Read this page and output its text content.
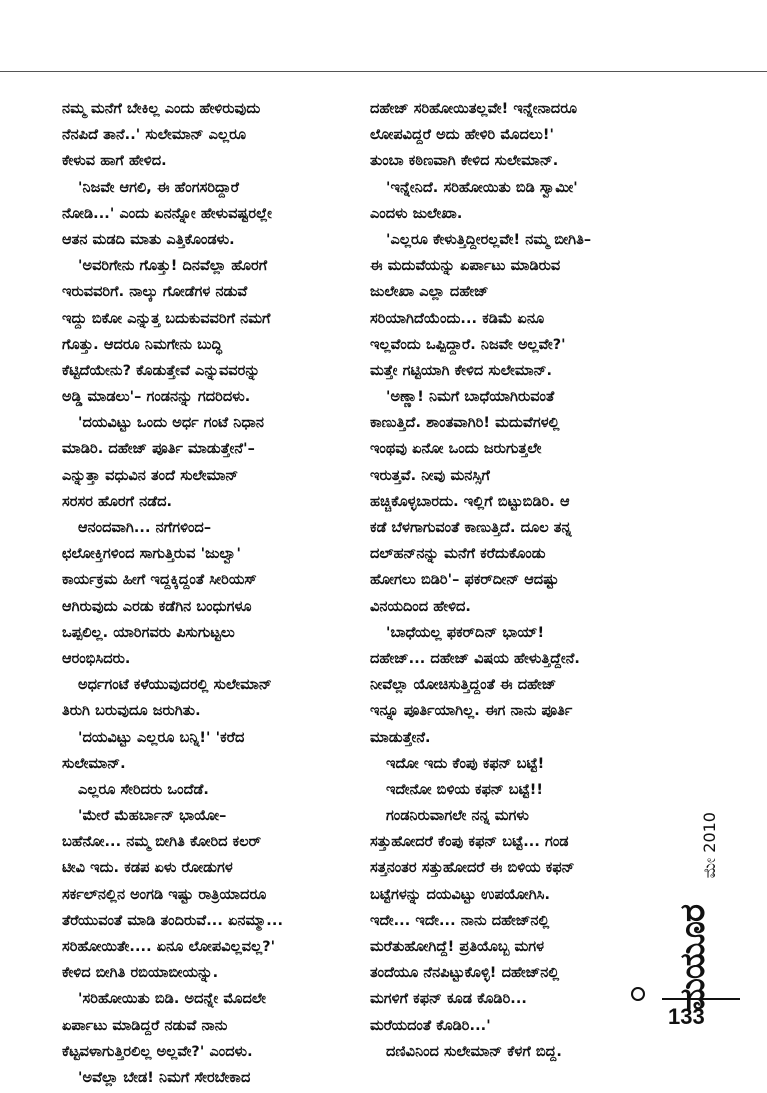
ನಮ್ಮ ಮನೆಗೆ ಬೇಕಿಲ್ಲ ಎಂದು ಹೇಳಿರುವುದು
ನೆನಪಿದೆ ತಾನೆ..' ಸುಲೇಮಾನ್ ಎಲ್ಲರೂ
ಕೇಳುವ ಹಾಗೆ ಹೇಳಿದ.
'ನಿಜವೇ ಆಗಲಿ, ಈ ಹೆಂಗಸರಿದ್ದಾರೆ
ನೋಡಿ...' ಎಂದು ಏನನ್ನೋ ಹೇಳುವಷ್ಟರಲ್ಲೇ
ಆತನ ಮಡದಿ ಮಾತು ಎತ್ತಿಕೊಂಡಳು.
'ಅವರಿಗೇನು ಗೊತ್ತು! ದಿನವೆಲ್ಲಾ ಹೊರಗೆ
ಇರುವವರಿಗೆ. ನಾಲ್ಕು ಗೋಡೆಗಳ ನಡುವೆ
ಇದ್ದು ಬಿಕೋ ಎನ್ನುತ್ತ ಬದುಕುವವರಿಗೆ ನಮಗೆ
ಗೊತ್ತು. ಆದರೂ ನಿಮಗೇನು ಬುದ್ಧಿ
ಕೆಟ್ಟಿದೆಯೇನು? ಕೊಡುತ್ತೇವೆ ಎನ್ನುವವರನ್ನು
ಅಡ್ಡಿ ಮಾಡಲು'– ಗಂಡನನ್ನು ಗದರಿದಳು.
'ದಯವಿಟ್ಟು ಒಂದು ಅರ್ಧ ಗಂಟೆ ನಿಧಾನ
ಮಾಡಿರಿ. ದಹೇಜ್ ಪೂರ್ತಿ ಮಾಡುತ್ತೇನೆ'–
ಎನ್ನುತ್ತಾ ವಧುವಿನ ತಂದೆ ಸುಲೇಮಾನ್
ಸರಸರ ಹೊರಗೆ ನಡೆದ.
ಆನಂದವಾಗಿ... ನಗೆಗಳಿಂದ–
ಛಲೋಕ್ತಿಗಳಿಂದ ಸಾಗುತ್ತಿರುವ 'ಜುಲ್ವಾ'
ಕಾರ್ಯಕ್ರಮ ಹೀಗೆ ಇದ್ದಕ್ಕಿದ್ದಂತೆ ಸೀರಿಯಸ್
ಆಗಿರುವುದು ಎರಡು ಕಡೆಗಿನ ಬಂಧುಗಳೂ
ಒಪ್ಪಲಿಲ್ಲ. ಯಾರಿಗವರು ಪಿಸುಗುಟ್ಟಲು
ಆರಂಭಿಸಿದರು.
ಅರ್ಧಗಂಟೆ ಕಳೆಯುವುದರಲ್ಲಿ ಸುಲೇಮಾನ್
ತಿರುಗಿ ಬರುವುದೂ ಜರುಗಿತು.
'ದಯವಿಟ್ಟು ಎಲ್ಲರೂ ಬನ್ನಿ!' 'ಕರೆದ
ಸುಲೇಮಾನ್.
ಎಲ್ಲರೂ ಸೇರಿದರು ಒಂದೆಡೆ.
'ಮೇರೆ ಮೆಹರ್ಬಾನ್ ಭಾಯೋ–
ಬಹೆನೋ... ನಮ್ಮ ಬೀಗಿತಿ ಕೋರಿದ ಕಲರ್
ಟೀವಿ ಇದು. ಕಡಪ ಏಳು ರೋಡುಗಳ
ಸರ್ಕಲ್‌ನಲ್ಲಿನ ಅಂಗಡಿ ಇಷ್ಟು ರಾತ್ರಿಯಾದರೂ
ತೆರೆಯುವಂತೆ ಮಾಡಿ ತಂದಿರುವೆ... ಏನಮ್ಮಾ...
ಸರಿಹೋಯಿತೇ.... ಏನೂ ಲೋಪವಿಲ್ಲವಲ್ಲ?'
ಕೇಳಿದ ಬೀಗಿತಿ ರಬಿಯಾಬೀಯನ್ನು.
'ಸರಿಹೋಯಿತು ಬಿಡಿ. ಅದನ್ನೇ ಮೊದಲೇ
ಏರ್ಪಾಟು ಮಾಡಿದ್ದರೆ ನಡುವೆ ನಾನು
ಕೆಟ್ಟವಳಾಗುತ್ತಿರಲಿಲ್ಲ ಅಲ್ಲವೇ?' ಎಂದಳು.
'ಅವೆಲ್ಲಾ ಬೇಡ! ನಿಮಗೆ ಸೇರಬೇಕಾದ
ದಹೇಜ್ ಸರಿಹೋಯಿತಲ್ಲವೇ! ಇನ್ನೇನಾದರೂ
ಲೋಪವಿದ್ದರೆ ಅದು ಹೇಳಿರಿ ಮೊದಲು!'
ತುಂಬಾ ಕಠಿಣವಾಗಿ ಕೇಳಿದ ಸುಲೇಮಾನ್.
'ಇನ್ನೇನಿದೆ. ಸರಿಹೋಯಿತು ಬಿಡಿ ಸ್ವಾಮೀ'
ಎಂದಳು ಜುಲೇಖಾ.
'ಎಲ್ಲರೂ ಕೇಳುತ್ತಿದ್ದೀರಲ್ಲವೇ! ನಮ್ಮ ಬೀಗಿತಿ–
ಈ ಮದುವೆಯನ್ನು ಏರ್ಪಾಟು ಮಾಡಿರುವ
ಜುಲೇಖಾ ಎಲ್ಲಾ ದಹೇಜ್
ಸರಿಯಾಗಿದೆಯೆಂದು... ಕಡಿಮೆ ಏನೂ
ಇಲ್ಲವೆಂದು ಒಪ್ಪಿದ್ದಾರೆ. ನಿಜವೇ ಅಲ್ಲವೇ?'
ಮತ್ತೇ ಗಟ್ಟಿಯಾಗಿ ಕೇಳಿದ ಸುಲೇಮಾನ್.
'ಅಣ್ಣಾ! ನಿಮಗೆ ಬಾಧೆಯಾಗಿರುವಂತೆ
ಕಾಣುತ್ತಿದೆ. ಶಾಂತವಾಗಿರಿ! ಮದುವೆಗಳಲ್ಲಿ
ಇಂಥವು ಏನೋ ಒಂದು ಜರುಗುತ್ತಲೇ
ಇರುತ್ತವೆ. ನೀವು ಮನಸ್ಸಿಗೆ
ಹಚ್ಚಿಕೊಳ್ಳಬಾರದು. ಇಲ್ಲಿಗೆ ಬಿಟ್ಟುಬಿಡಿರಿ. ಆ
ಕಡೆ ಬೆಳಗಾಗುವಂತೆ ಕಾಣುತ್ತಿದೆ. ದೂಲ ತನ್ನ
ದಲ್‌ಹನ್‌ನನ್ನು ಮನೆಗೆ ಕರೆದುಕೊಂಡು
ಹೋಗಲು ಬಿಡಿರಿ'– ಫಕರ್‌ದೀನ್ ಆದಷ್ಟು
ವಿನಯದಿಂದ ಹೇಳಿದ.
'ಬಾಧೆಯಲ್ಲ ಫಕರ್‌ದಿನ್ ಭಾಯ್!
ದಹೇಜ್... ದಹೇಜ್ ವಿಷಯ ಹೇಳುತ್ತಿದ್ದೇನೆ.
ನೀವೆಲ್ಲಾ ಯೋಚಿಸುತ್ತಿದ್ದಂತೆ ಈ ದಹೇಜ್
ಇನ್ನೂ ಪೂರ್ತಿಯಾಗಿಲ್ಲ. ಈಗ ನಾನು ಪೂರ್ತಿ
ಮಾಡುತ್ತೇನೆ.
ಇದೋ ಇದು ಕೆಂಪು ಕಫನ್ ಬಟ್ಟೆ!
ಇದೇನೋ ಬಿಳಿಯ ಕಫನ್ ಬಟ್ಟೆ!!
ಗಂಡನಿರುವಾಗಲೇ ನನ್ನ ಮಗಳು
ಸತ್ತುಹೋದರೆ ಕೆಂಪು ಕಫನ್ ಬಟ್ಟೆ... ಗಂಡ
ಸತ್ತನಂತರ ಸತ್ತುಹೋದರೆ ಈ ಬಿಳಿಯ ಕಫನ್
ಬಟ್ಟೆಗಳನ್ನು ದಯವಿಟ್ಟು ಉಪಯೋಗಿಸಿ.
ಇದೇ... ಇದೇ... ನಾನು ದಹೇಜ್‌ನಲ್ಲಿ
ಮರೆತುಹೋಗಿದ್ದೆ! ಪ್ರತಿಯೊಬ್ಬ ಮಗಳ
ತಂದೆಯೂ ನೆನಪಿಟ್ಟುಕೊಳ್ಳಿ! ದಹೇಜ್‌ನಲ್ಲಿ
ಮಗಳಿಗೆ ಕಫನ್ ಕೂಡ ಕೊಡಿರಿ...
ಮರೆಯದಂತೆ ಕೊಡಿರಿ...'
ದಣಿವಿನಿಂದ ಸುಲೇಮಾನ್ ಕೆಳಗೆ ಬಿದ್ದ.
ಮೇ 2010
ಮಯೂರ
133
